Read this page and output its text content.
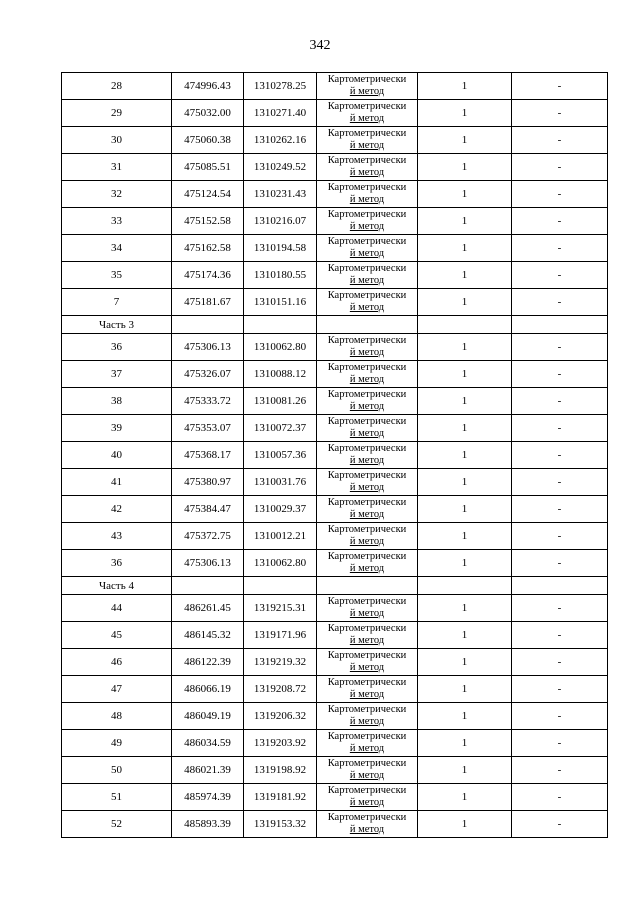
342
28	474996.43	1310278.25	Картометрически
й метод	1	-
29	475032.00	1310271.40	Картометрически
й метод	1	-
30	475060.38	1310262.16	Картометрически
й метод	1	-
31	475085.51	1310249.52	Картометрически
й метод	1	-
32	475124.54	1310231.43	Картометрически
й метод	1	-
33	475152.58	1310216.07	Картометрически
й метод	1	-
34	475162.58	1310194.58	Картометрически
й метод	1	-
35	475174.36	1310180.55	Картометрически
й метод	1	-
7	475181.67	1310151.16	Картометрически
й метод	1	-
Часть 3					
36	475306.13	1310062.80	Картометрически
й метод	1	-
37	475326.07	1310088.12	Картометрически
й метод	1	-
38	475333.72	1310081.26	Картометрически
й метод	1	-
39	475353.07	1310072.37	Картометрически
й метод	1	-
40	475368.17	1310057.36	Картометрически
й метод	1	-
41	475380.97	1310031.76	Картометрически
й метод	1	-
42	475384.47	1310029.37	Картометрически
й метод	1	-
43	475372.75	1310012.21	Картометрически
й метод	1	-
36	475306.13	1310062.80	Картометрически
й метод	1	-
Часть 4					
44	486261.45	1319215.31	Картометрически
й метод	1	-
45	486145.32	1319171.96	Картометрически
й метод	1	-
46	486122.39	1319219.32	Картометрически
й метод	1	-
47	486066.19	1319208.72	Картометрически
й метод	1	-
48	486049.19	1319206.32	Картометрически
й метод	1	-
49	486034.59	1319203.92	Картометрически
й метод	1	-
50	486021.39	1319198.92	Картометрически
й метод	1	-
51	485974.39	1319181.92	Картометрически
й метод	1	-
52	485893.39	1319153.32	Картометрически
й метод	1	-
